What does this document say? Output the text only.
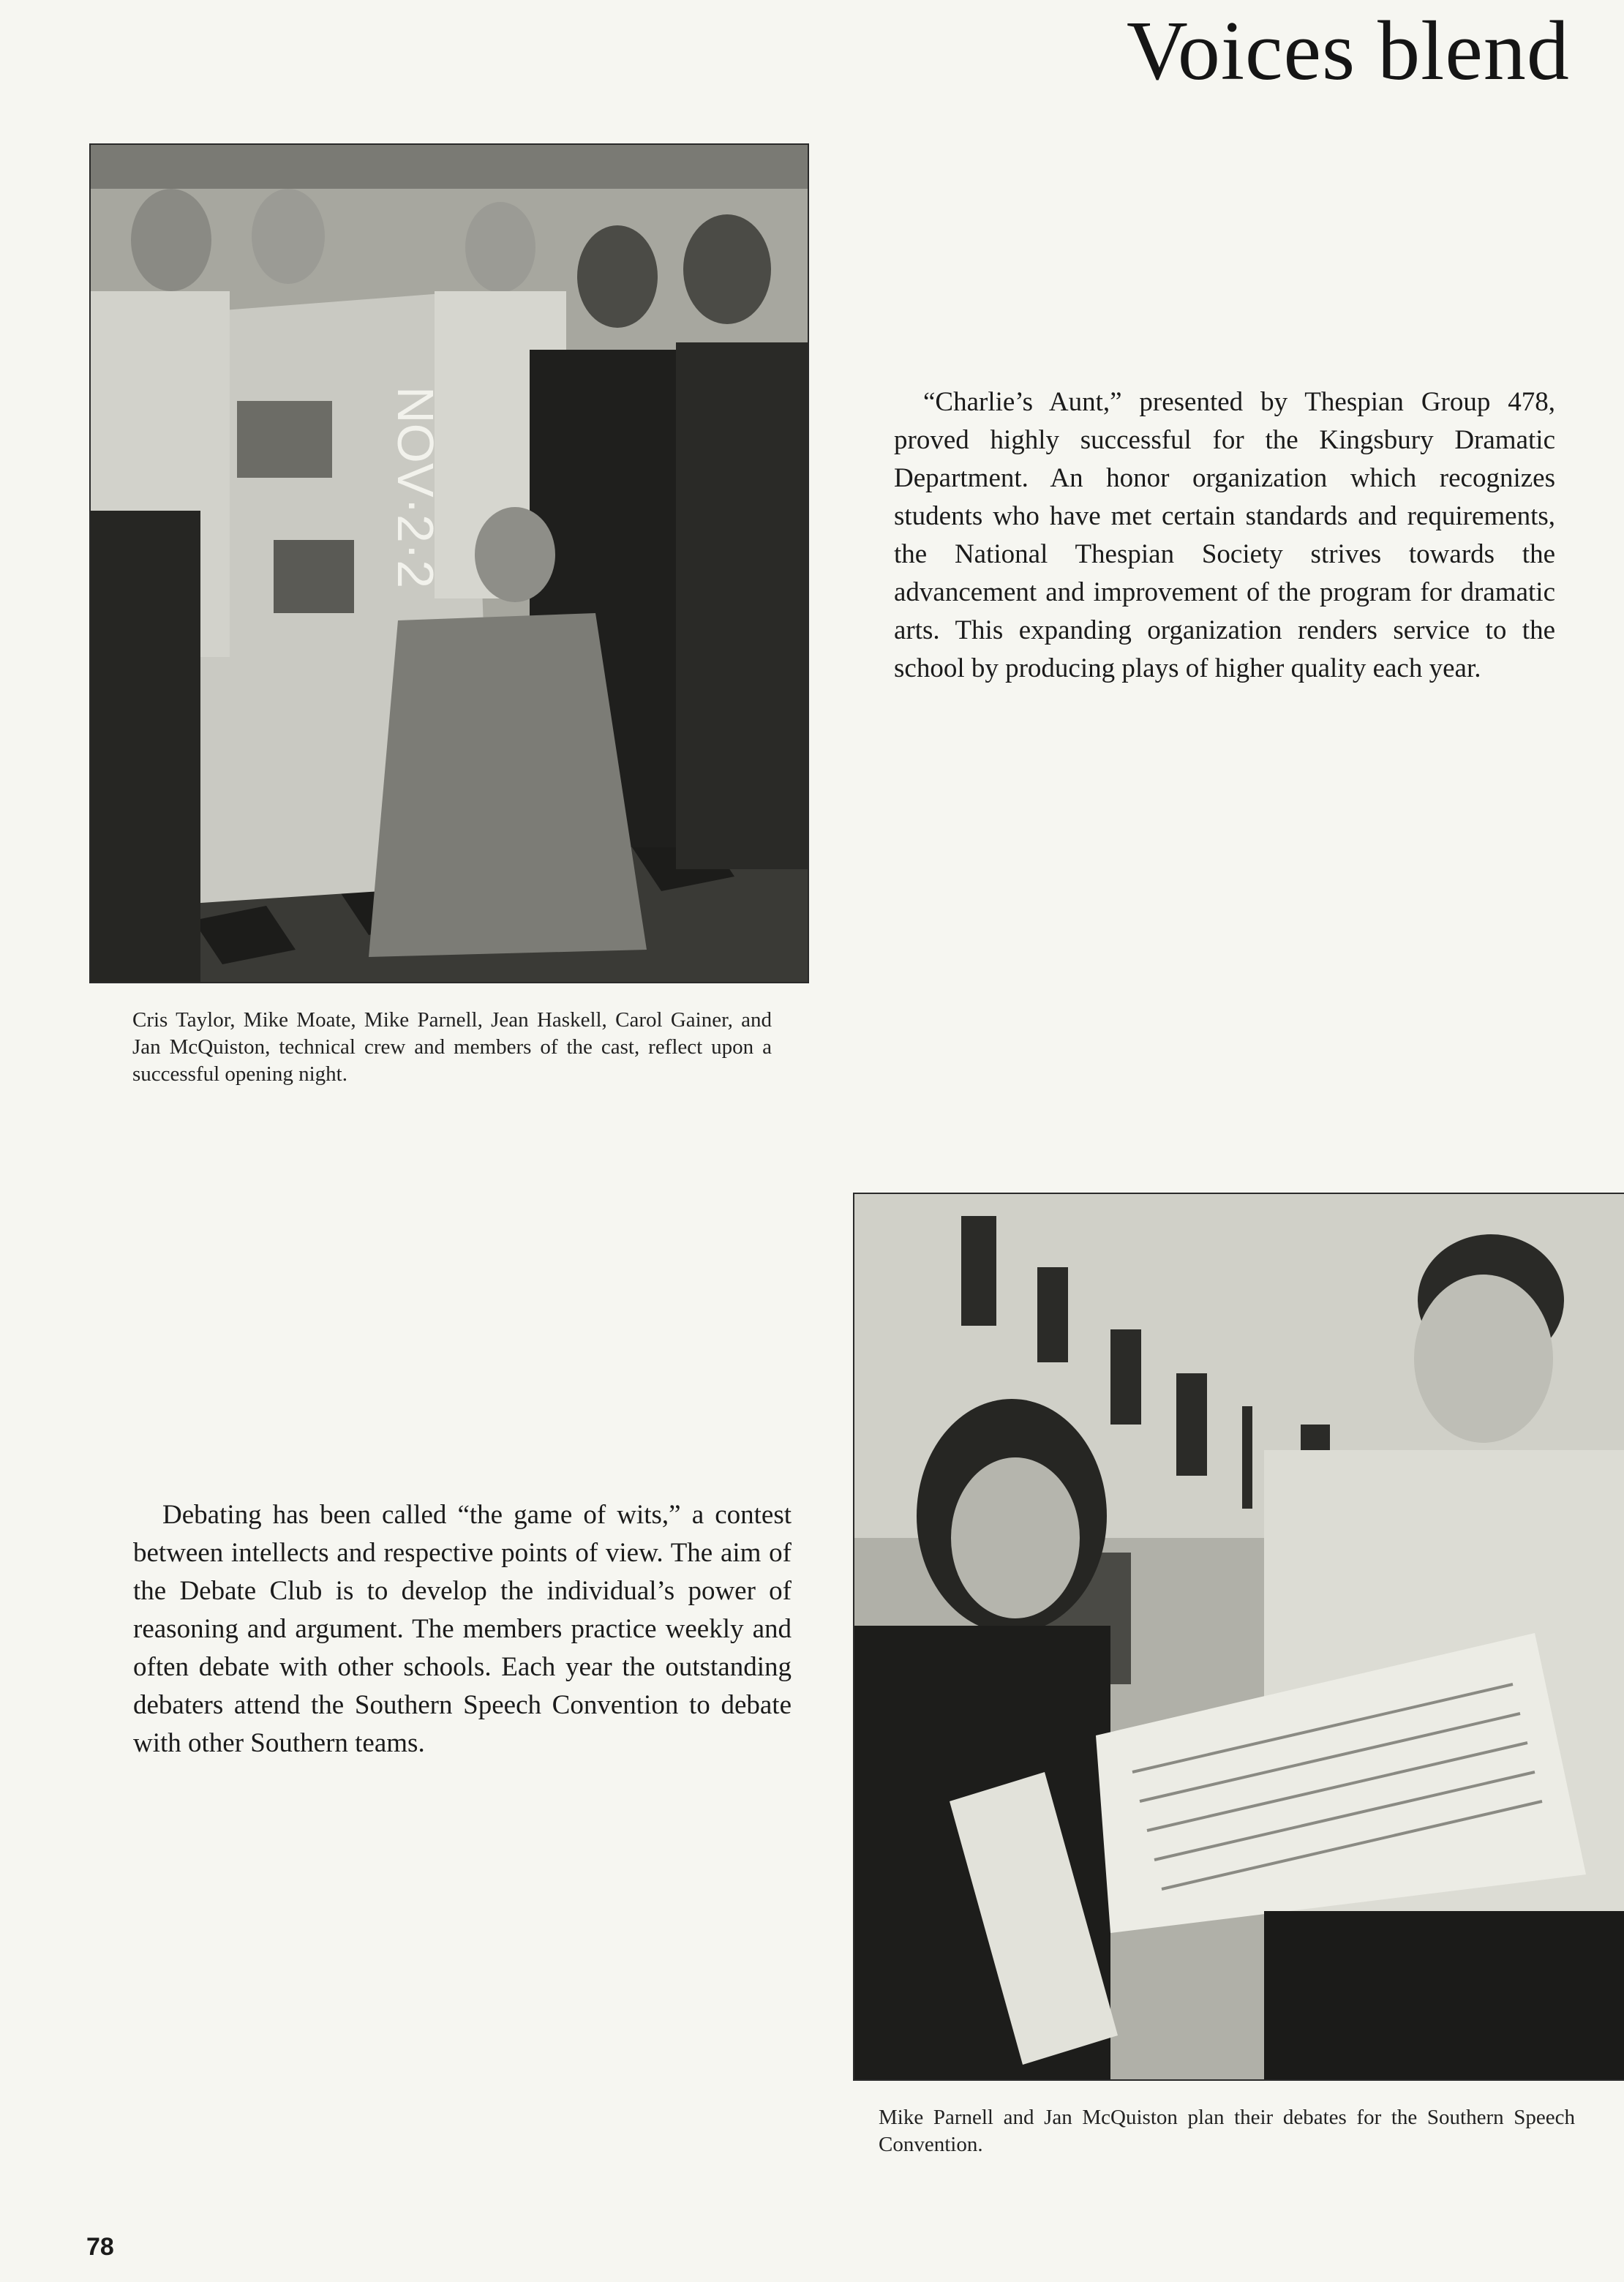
Voices blend
NOV·2·2
Cris Taylor, Mike Moate, Mike Parnell, Jean Haskell, Carol Gainer, and Jan McQuiston, technical crew and members of the cast, reflect upon a successful opening night.
“Charlie’s Aunt,” presented by Thespian Group 478, proved highly successful for the Kingsbury Dramatic Department. An honor organization which recognizes students who have met certain standards and requirements, the National Thespian Society strives towards the advancement and improvement of the program for dramatic arts. This expanding organization renders service to the school by producing plays of higher quality each year.
Debating has been called “the game of wits,” a contest between intellects and respective points of view. The aim of the Debate Club is to develop the individual’s power of reasoning and argument. The members practice weekly and often debate with other schools. Each year the outstanding debaters attend the Southern Speech Convention to debate with other Southern teams.
Mike Parnell and Jan McQuiston plan their debates for the Southern Speech Convention.
78
